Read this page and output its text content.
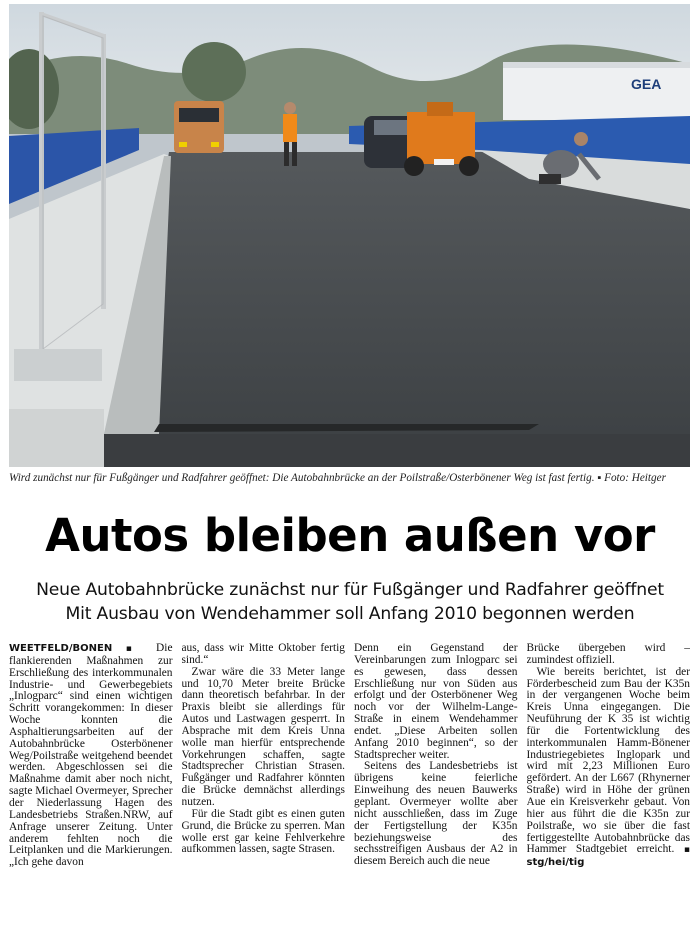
GEA
Wird zunächst nur für Fußgänger und Radfahrer geöffnet: Die Autobahnbrücke an der Poilstraße/Osterbönener Weg ist fast fertig. ▪ Foto: Heitger
Autos bleiben außen vor
Neue Autobahnbrücke zunächst nur für Fußgänger und Radfahrer geöffnet
Mit Ausbau von Wendehammer soll Anfang 2010 begonnen werden

WEETFELD/BÖNEN ▪ Die flankierenden Maßnahmen zur Erschließung des interkommunalen Industrie- und Gewerbegebiets „Inlogparc“ sind einen wichtigen Schritt vorangekommen: In dieser Woche konnten die Asphaltierungsarbeiten auf der Autobahnbrücke Osterbönener Weg/Poilstraße weitgehend beendet werden. Abgeschlossen sei die Maßnahme damit aber noch nicht, sagte Michael Overmeyer, Sprecher der Niederlassung Hagen des Landesbetriebs Straßen.NRW, auf Anfrage unserer Zeitung. Unter anderem fehlten noch die Leitplanken und die Markierungen. „Ich gehe davon

aus, dass wir Mitte Oktober fertig sind.“

Zwar wäre die 33 Meter lange und 10,70 Meter breite Brücke dann theoretisch befahrbar. In der Praxis bleibt sie allerdings für Autos und Lastwagen gesperrt. In Absprache mit dem Kreis Unna wolle man hierfür entsprechende Vorkehrungen schaffen, sagte Stadtsprecher Christian Strasen. Fußgänger und Radfahrer könnten die Brücke demnächst allerdings nutzen.

Für die Stadt gibt es einen guten Grund, die Brücke zu sperren. Man wolle erst gar keine Fehlverkehre aufkommen lassen, sagte Strasen.

Denn ein Gegenstand der Vereinbarungen zum Inlogparc sei es gewesen, dass dessen Erschließung nur von Süden aus erfolgt und der Osterbönener Weg noch vor der Wilhelm-Lange-Straße in einem Wendehammer endet. „Diese Arbeiten sollen Anfang 2010 beginnen“, so der Stadtsprecher weiter.

Seitens des Landesbetriebs ist übrigens keine feierliche Einweihung des neuen Bauwerks geplant. Overmeyer wollte aber nicht ausschließen, dass im Zuge der Fertigstellung der K35n beziehungsweise des sechsstreifigen Ausbaus der A2 in diesem Bereich auch die neue

Brücke übergeben wird – zumindest offiziell.

Wie bereits berichtet, ist der Förderbescheid zum Bau der K35n in der vergangenen Woche beim Kreis Unna eingegangen. Die Neuführung der K 35 ist wichtig für die Fortentwicklung des interkommunalen Hamm-Bönener Industriegebietes Inglopark und wird mit 2,23 Millionen Euro gefördert. An der L667 (Rhynerner Straße) wird in Höhe der grünen Aue ein Kreisverkehr gebaut. Von hier aus führt die die K35n zur Poilstraße, wo sie über die fast fertiggestellte Autobahnbrücke das Hammer Stadtgebiet erreicht. ▪ stg/hei/tig
